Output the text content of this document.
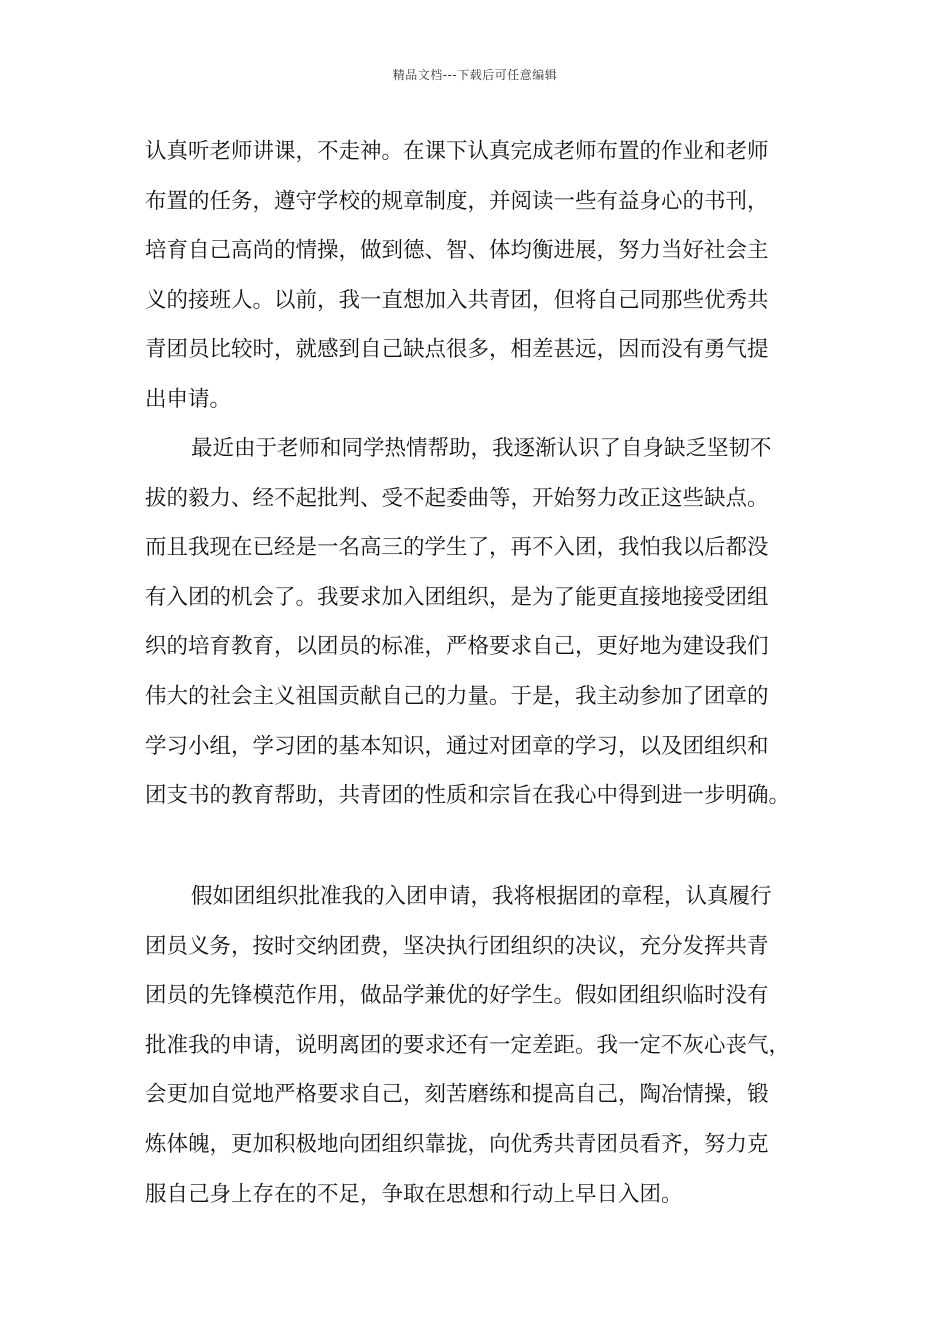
精品文档---下载后可任意编辑
认真听老师讲课，不走神。在课下认真完成老师布置的作业和老师
布置的任务，遵守学校的规章制度，并阅读一些有益身心的书刊，
培育自己高尚的情操，做到德、智、体均衡进展，努力当好社会主
义的接班人。以前，我一直想加入共青团，但将自己同那些优秀共
青团员比较时，就感到自己缺点很多，相差甚远，因而没有勇气提
出申请。
最近由于老师和同学热情帮助，我逐渐认识了自身缺乏坚韧不
拔的毅力、经不起批判、受不起委曲等，开始努力改正这些缺点。
而且我现在已经是一名高三的学生了，再不入团，我怕我以后都没
有入团的机会了。我要求加入团组织，是为了能更直接地接受团组
织的培育教育，以团员的标准，严格要求自己，更好地为建设我们
伟大的社会主义祖国贡献自己的力量。于是，我主动参加了团章的
学习小组，学习团的基本知识，通过对团章的学习，以及团组织和
团支书的教育帮助，共青团的性质和宗旨在我心中得到进一步明确。
假如团组织批准我的入团申请，我将根据团的章程，认真履行
团员义务，按时交纳团费，坚决执行团组织的决议，充分发挥共青
团员的先锋模范作用，做品学兼优的好学生。假如团组织临时没有
批准我的申请，说明离团的要求还有一定差距。我一定不灰心丧气，
会更加自觉地严格要求自己，刻苦磨练和提高自己，陶冶情操，锻
炼体魄，更加积极地向团组织靠拢，向优秀共青团员看齐，努力克
服自己身上存在的不足，争取在思想和行动上早日入团。
